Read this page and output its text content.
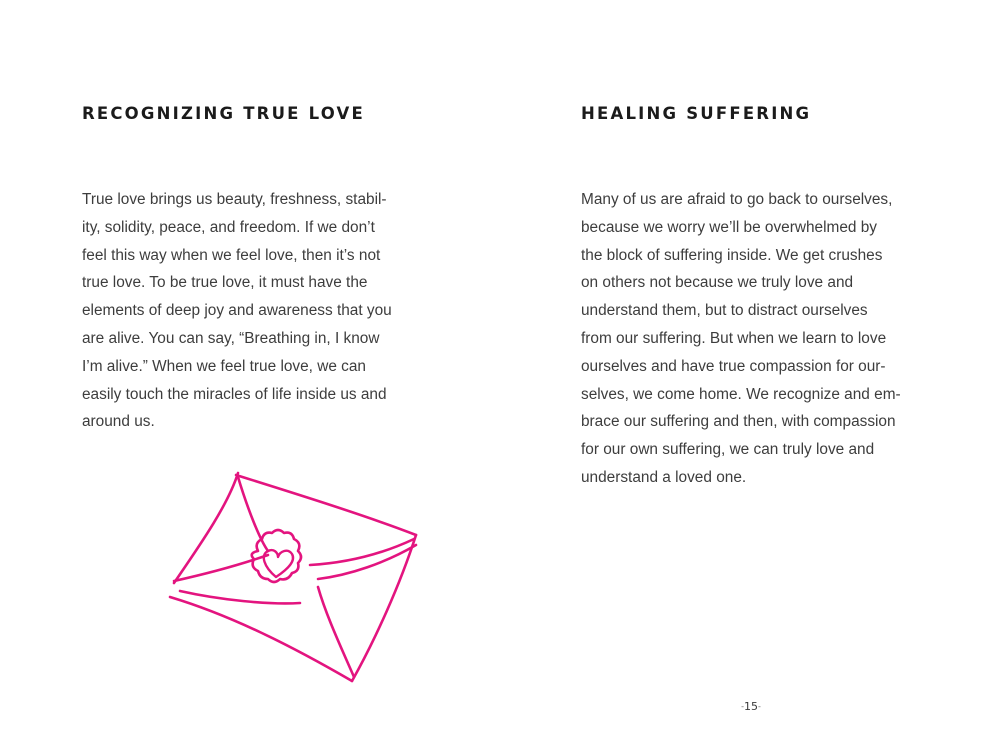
RECOGNIZING TRUE LOVE

True love brings us beauty, freshness, stabil-
ity, solidity, peace, and freedom. If we don’t
feel this way when we feel love, then it’s not
true love. To be true love, it must have the
elements of deep joy and awareness that you
are alive. You can say, “Breathing in, I know
I’m alive.” When we feel true love, we can
easily touch the miracles of life inside us and
around us.

HEALING SUFFERING

Many of us are afraid to go back to ourselves,
because we worry we’ll be overwhelmed by
the block of suffering inside. We get crushes
on others not because we truly love and
understand them, but to distract ourselves
from our suffering. But when we learn to love
ourselves and have true compassion for our-
selves, we come home. We recognize and em-
brace our suffering and then, with compassion
for our own suffering, we can truly love and
understand a loved one.

-15-
